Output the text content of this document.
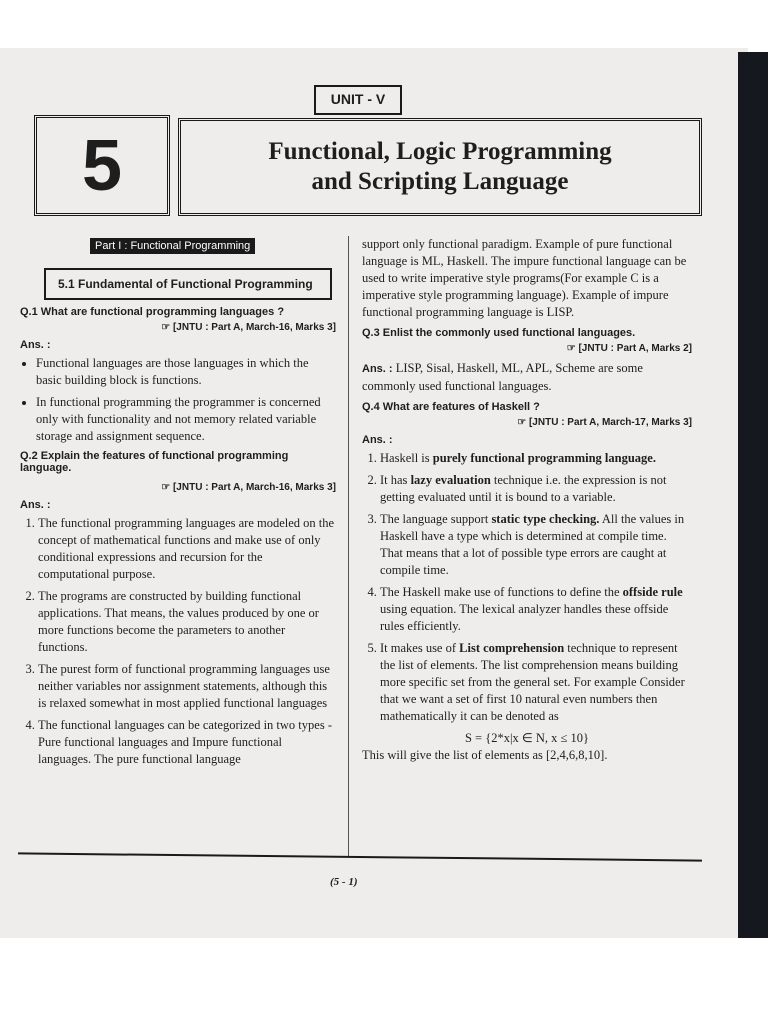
UNIT - V
5	Functional, Logic Programming
and Scripting Language
Part I : Functional Programming
5.1 Fundamental of Functional Programming
Q.1 What are functional programming languages ?
☞ [JNTU : Part A, March-16, Marks 3]
Ans. :
• Functional languages are those languages in which the basic building block is functions.
• In functional programming the programmer is concerned only with functionality and not memory related variable storage and assignment sequence.
Q.2 Explain the features of functional programming language.
☞ [JNTU : Part A, March-16, Marks 3]
Ans. :
1. The functional programming languages are modeled on the concept of mathematical functions and make use of only conditional expressions and recursion for the computational purpose.
2. The programs are constructed by building functional applications. That means, the values produced by one or more functions become the parameters to another functions.
3. The purest form of functional programming languages use neither variables nor assignment statements, although this is relaxed somewhat in most applied functional languages
4. The functional languages can be categorized in two types - Pure functional languages and Impure functional languages. The pure functional language
support only functional paradigm. Example of pure functional language is ML, Haskell. The impure functional language can be used to write imperative style programs(For example C is a imperative style programming language). Example of impure functional programming language is LISP.
Q.3 Enlist the commonly used functional languages.
☞ [JNTU : Part A, Marks 2]
Ans. : LISP, Sisal, Haskell, ML, APL, Scheme are some commonly used functional languages.
Q.4 What are features of Haskell ?
☞ [JNTU : Part A, March-17, Marks 3]
Ans. :
1. Haskell is purely functional programming language.
2. It has lazy evaluation technique i.e. the expression is not getting evaluated until it is bound to a variable.
3. The language support static type checking. All the values in Haskell have a type which is determined at compile time. That means that a lot of possible type errors are caught at compile time.
4. The Haskell make use of functions to define the offside rule using equation. The lexical analyzer handles these offside rules efficiently.
5. It makes use of List comprehension technique to represent the list of elements. The list comprehension means building more specific set from the general set. For example Consider that we want a set of first 10 natural even numbers then mathematically it can be denoted as
S = {2*x|x ∈ N, x ≤ 10}
This will give the list of elements as [2,4,6,8,10].
(5 - 1)
